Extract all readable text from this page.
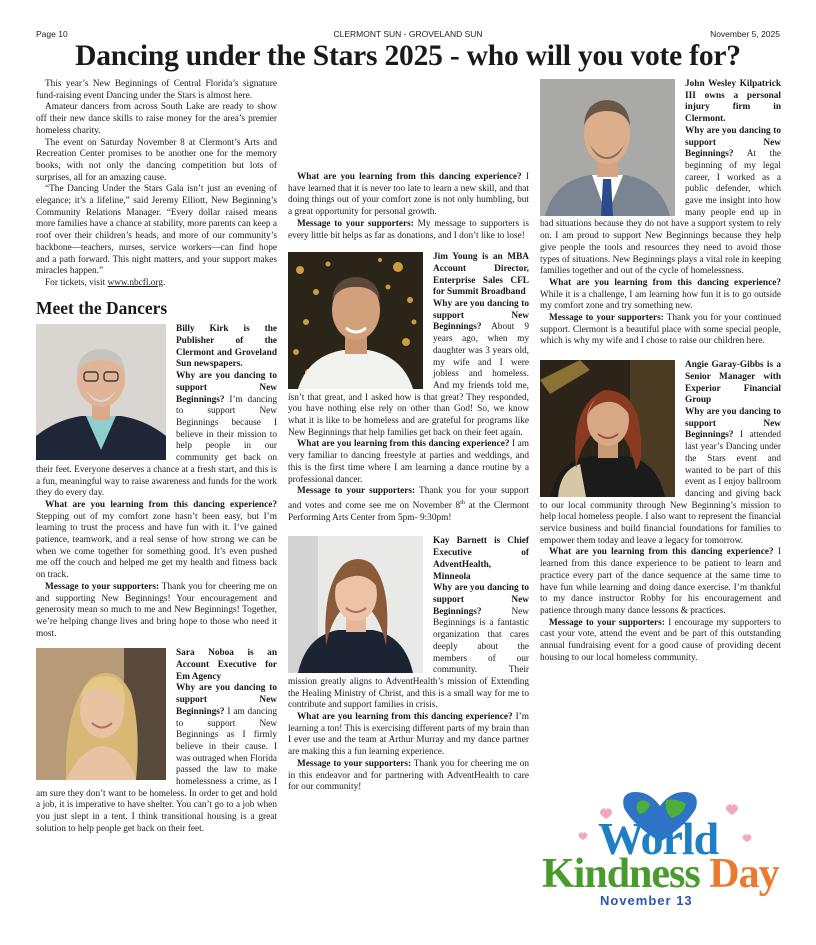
Page 10	CLERMONT SUN - GROVELAND SUN	November 5, 2025
Dancing under the Stars 2025 - who will you vote for?

This year’s New Beginnings of Central Florida’s signature fund-raising event Dancing under the Stars is almost here.

Amateur dancers from across South Lake are ready to show off their new dance skills to raise money for the area’s premier homeless charity.

The event on Saturday November 8 at Clermont’s Arts and Recreation Center promises to be another one for the memory books, with not only the dancing competition but lots of surprises, all for an amazing cause.

“The Dancing Under the Stars Gala isn’t just an evening of elegance; it’s a lifeline,” said Jeremy Elliott, New Beginning’s Community Relations Manager. “Every dollar raised means more families have a chance at stability, more parents can keep a roof over their children’s heads, and more of our community’s backbone—teachers, nurses, service workers—can find hope and a path forward. This night matters, and your support makes miracles happen.”

For tickets, visit www.nbcfl.org.

Meet the Dancers

Billy Kirk is the Publisher of the Clermont and Groveland Sun newspapers.

Why are you dancing to support New Beginnings? I’m dancing to support New Beginnings because I believe in their mission to help people in our community get back on their feet. Everyone deserves a chance at a fresh start, and this is a fun, meaningful way to raise awareness and funds for the work they do every day.

What are you learning from this dancing experience? Stepping out of my comfort zone hasn’t been easy, but I’m learning to trust the process and have fun with it. I’ve gained patience, teamwork, and a real sense of how strong we can be when we come together for something good. It’s even pushed me off the couch and helped me get my health and fitness back on track.

Message to your supporters: Thank you for cheering me on and supporting New Beginnings! Your encouragement and generosity mean so much to me and New Beginnings! Together, we’re helping change lives and bring hope to those who need it most.

Sara Noboa is an Account Executive for Em Agency

Why are you dancing to support New Beginnings? I am dancing to support New Beginnings as I firmly believe in their cause. I was outraged when Florida passed the law to make homelessness a crime, as I am sure they don’t want to be homeless. In order to get and hold a job, it is imperative to have shelter. You can’t go to a job when you just slept in a tent. I think transitional housing is a great solution to help people get back on their feet.

What are you learning from this dancing experience? I have learned that it is never too late to learn a new skill, and that doing things out of your comfort zone is not only humbling, but a great opportunity for personal growth.

Message to your supporters: My message to supporters is every little bit helps as far as donations, and I don’t like to lose!

Jim Young is an MBA Account Director, Enterprise Sales CFL for Summit Broadband

Why are you dancing to support New Beginnings? About 9 years ago, when my daughter was 3 years old, my wife and I were jobless and homeless. And my friends told me, isn’t that great, and I asked how is that great? They responded, you have nothing else rely on other than God! So, we know what it is like to be homeless and are grateful for programs like New Beginnings that help families get back on their feet again.

What are you learning from this dancing experience? I am very familiar to dancing freestyle at parties and weddings, and this is the first time where I am learning a dance routine by a professional dancer.

Message to your supporters: Thank you for your support and votes and come see me on November 8th at the Clermont Performing Arts Center from 5pm- 9:30pm!

Kay Barnett is Chief Executive of AdventHealth, Minneola

Why are you dancing to support New Beginnings?	New Beginnings is a fantastic organization that cares deeply about the members of our community. Their mission greatly aligns to AdventHealth’s mission of Extending the Healing Ministry of Christ, and this is a small way for me to contribute and support families in crisis.

What are you learning from this dancing experience? I’m learning a ton! This is exercising different parts of my brain than I ever use and the team at Arthur Murray and my dance partner are making this a fun learning experience.

Message to your supporters: Thank you for cheering me on in this endeavor and for partnering with AdventHealth to care for our community!

John Wesley Kilpatrick III owns a personal injury firm in Clermont.

Why are you dancing to support New Beginnings? At the beginning of my legal career, I worked as a public defender, which gave me insight into how many people end up in bad situations because they do not have a support system to rely on. I am proud to support New Beginnings because they help give people the tools and resources they need to avoid those types of situations. New Beginnings plays a vital role in keeping families together and out of the cycle of homelessness.

What are you learning from this dancing experience? While it is a challenge, I am learning how fun it is to go outside my comfort zone and try something new.

Message to your supporters: Thank you for your continued support. Clermont is a beautiful place with some special people, which is why my wife and I chose to raise our children here.

Angie Garay-Gibbs is a Senior Manager with Experior Financial Group

Why are you dancing to support New Beginnings? I attended last year’s Dancing under the Stars event and wanted to be part of this event as I enjoy ballroom dancing and giving back to our local community through New Beginning’s mission to help local homeless people. I also want to represent the financial service business and build financial foundations for families to empower them today and leave a legacy for tomorrow.

What are you learning from this dancing experience? I learned from this dance experience to be patient to learn and practice every part of the dance sequence at the same time to have fun while learning and doing dance exercise. I’m thankful to my dance instructor Robby for his encouragement and patience through many dance lessons & practices.

Message to your supporters: I encourage my supporters to cast your vote, attend the event and be part of this outstanding annual fundraising event for a good cause of providing decent housing to our local homeless community.

World
Kindness Day
November 13
